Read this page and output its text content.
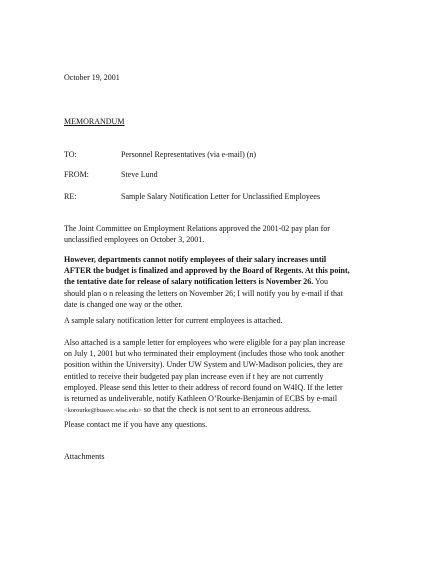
October 19, 2001
MEMORANDUM
TO:	Personnel Representatives (via e-mail) (n)
FROM:	Steve Lund
RE:	Sample Salary Notification Letter for Unclassified Employees
The Joint Committee on Employment Relations approved the 2001-02 pay plan for
unclassified employees on October 3, 2001.
However, departments cannot notify employees of their salary increases until
AFTER the budget is finalized and approved by the Board of Regents. At this point,
the tentative date for release of salary notification letters is November 26. You
should plan o n releasing the letters on November 26; I will notify you by e-mail if that
date is changed one way or the other.
A sample salary notification letter for current employees is attached.
Also attached is a sample letter for employees who were eligible for a pay plan increase
on July 1, 2001 but who terminated their employment (includes those who took another
position within the University). Under UW System and UW-Madison policies, they are
entitled to receive their budgeted pay plan increase even if t hey are not currently
employed. Please send this letter to their address of record found on W4IQ. If the letter
is returned as undeliverable, notify Kathleen O’Rourke-Benjamin of ECBS by e-mail
<korourke@bussvc.wisc.edu> so that the check is not sent to an erroneous address.
Please contact me if you have any questions.
Attachments
